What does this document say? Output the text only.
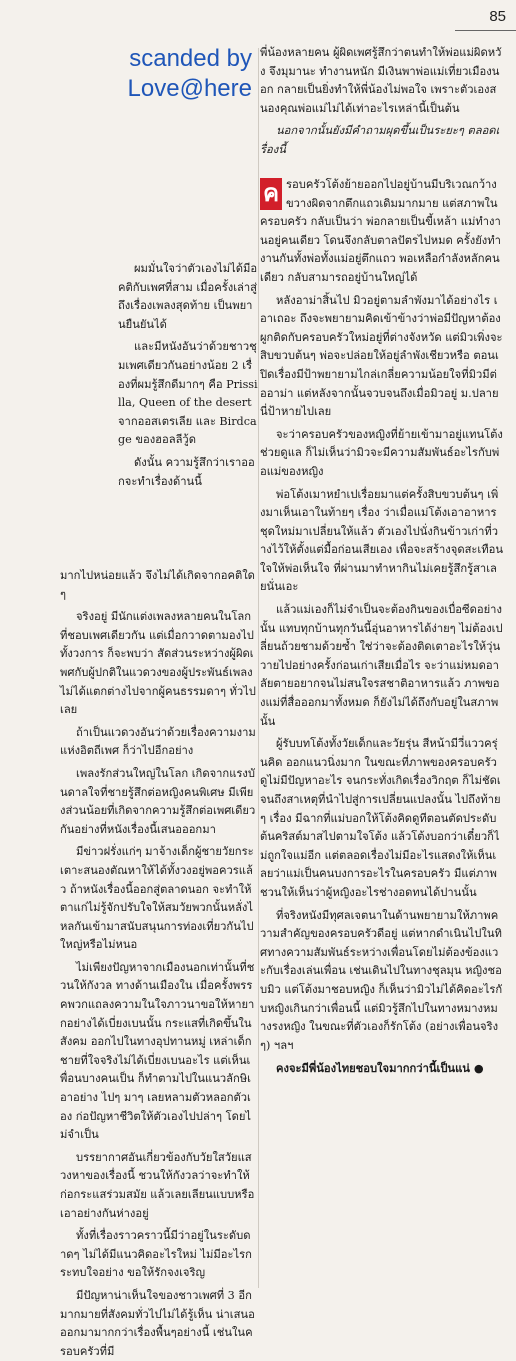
85
scanded by
Love@here

พี่น้องหลายคน ผู้ผิดเพศรู้สึกว่าตนทำให้พ่อแม่ผิดหวัง จึงมุมานะ ทำงานหนัก มีเงินพาพ่อแม่เที่ยวเมืองนอก กลายเป็นยิ่งทำให้พี่น้องไม่พอใจ เพราะตัวเองสนองคุณพ่อแม่ไม่ได้เท่าอะไรเหล่านี้เป็นต้น

นอกจากนั้นยังมีคำถามผุดขึ้นเป็นระยะๆ ตลอดเรื่องนี้

ค รอบครัวโต้งย้ายออกไปอยู่บ้านมีบริเวณกว้างขวางผิดจากตึกแถวเดิมมากมาย แต่สภาพในครอบครัว กลับเป็นว่า พ่อกลายเป็นขี้เหล้า แม่ทำงานอยู่คนเดียว โดนจึงกลับตาลปัตรไปหมด ครั้งยังทำงานกันทั้งพ่อทั้งแม่อยู่ตึกแถว พอเหลือกำลังหลักคนเดียว กลับสามารถอยู่บ้านใหญ่ได้

หลังอาม่าสิ้นไป มิวอยู่ตามลำพังมาได้อย่างไร เอาเถอะ ถึงจะพยายามคิดเข้าข้างว่าพ่อมีปัญหาต้องผูกติดกับครอบครัวใหม่อยู่ที่ต่างจังหวัด แต่มิวเพิ่งจะสิบขวบต้นๆ พ่อจะปล่อยให้อยู่ลำพังเชียวหรือ ตอนเปิดเรื่องมีป้าพยายามไกล่เกลี่ยความน้อยใจที่มิวมีต่ออาม่า แต่หลังจากนั้นจวบจนถึงเมื่อมิวอยู่ ม.ปลายนี่ป้าหายไปเลย

จะว่าครอบครัวของหญิงที่ย้ายเข้ามาอยู่แทนโต้งช่วยดูแล ก็ไม่เห็นว่ามิวจะมีความสัมพันธ์อะไรกับพ่อแม่ของหญิง

พ่อโต้งเมาหยำเปเรื่อยมาแต่ครั้งสิบขวบต้นๆ เพิ่งมาเห็นเอาในท้ายๆ เรื่อง ว่าเมื่อแม่โต้งเอาอาหารชุดใหม่มาเปลี่ยนให้แล้ว ตัวเองไปนั่งกินข้าวเก่าที่วางไว้ให้ตั้งแต่มื้อก่อนเสียเอง เพื่อจะสร้างจุดสะเทือนใจให้พ่อเห็นใจ ที่ผ่านมาทำหากินไม่เคยรู้สึกรู้สาเลยนั่นเอะ

แล้วแม่เองก็ไม่จำเป็นจะต้องกินของเบื่อซีดอย่างนั้น แทบทุกบ้านทุกวันนี้อุ่นอาหารได้ง่ายๆ ไม่ต้องเปลี่ยนถ้วยชามด้วยซ้ำ ใช่ว่าจะต้องติดเตาอะไรให้วุ่นวายไปอย่างครั้งก่อนเก่าเสียเมื่อไร จะว่าแม่หมดอาลัยตายอยากจนไม่สนใจรสชาติอาหารแล้ว ภาพของแม่ที่สื่อออกมาทั้งหมด ก็ยังไม่ได้ถึงกับอยู่ในสภาพนั้น

ผู้รับบทโต้งทั้งวัยเด็กและวัยรุ่น สีหน้ามีวี่แววครุ่นคิด ออกแนวนิ่งมาก ในขณะที่ภาพของครอบครัวดูไม่มีปัญหาอะไร จนกระทั่งเกิดเรื่องวิกฤต ก็ไม่ชัดเจนถึงสาเหตุที่นำไปสู่การเปลี่ยนแปลงนั้น ไปถึงท้ายๆ เรื่อง มีฉากที่แม่บอกให้โต้งคิดดูทีตอนตัดประดับต้นคริสต์มาสไปตามใจโต้ง แล้วโต้งบอกว่าเดี๋ยวก็ไม่ถูกใจแม่อีก แต่ตลอดเรื่องไม่มีอะไรแสดงให้เห็นเลยว่าแม่เป็นคนบงการอะไรในครอบครัว มีแต่ภาพชวนให้เห็นว่าผู้หญิงอะไรช่างอดทนได้ปานนั้น

ที่จริงหนังมีทุศลเจตนาในด้านพยายามให้ภาพความสำคัญของครอบครัวดีอยู่ แต่หากดำเนินไปในทิศทางความสัมพันธ์ระหว่างเพื่อนโดยไม่ต้องข้องแวะกับเรื่องเล่นเพื่อน เช่นเดินไปในทางชุลมุน หญิงชอบมิว แต่โต้งมาชอบหญิง ก็เห็นว่ามิวไม่ได้คิดอะไรกับหญิงเกินกว่าเพื่อนนี้ แต่มิวรู้สึกไปในทางหมางหมางรงหญิง ในขณะที่ตัวเองก็รักโต้ง (อย่างเพื่อนจริงๆ) ฯลฯ

คงจะมีพี่น้องไทยชอบใจมากกว่านี้เป็นแน่ ●

ผมมั่นใจว่าตัวเองไม่ได้มีอคติกับเพศที่สาม เมื่อครั้งเล่าสู่ถึงเรื่องเพลงสุดท้าย เป็นพยานยืนยันได้

และมีหนังอันว่าด้วยชาวชุมเพศเดียวกันอย่างน้อย 2 เรื่องที่ผมรู้สึกดีมากๆ คือ Prissilla, Queen of the desert จากออสเตรเลีย และ Birdcage ของฮอลลีวู้ด

ดังนั้น ความรู้สึกว่าเราออกจะทำเรื่องด้านนี้

มากไปหน่อยแล้ว จึงไม่ได้เกิดจากอคติใดๆ

จริงอยู่ มีนักแต่งเพลงหลายคนในโลกที่ชอบเพศเดียวกัน แต่เมื่อกวาดตามองไปทั้งวงการ ก็จะพบว่า สัดส่วนระหว่างผู้ผิดเพศกับผู้ปกติในแวดวงของผู้ประพันธ์เพลง ไม่ได้แตกต่างไปจากผู้คนธรรมดาๆ ทั่วไปเลย

ถ้าเป็นแวดวงอันว่าด้วยเรื่องความงามแห่งอิตถีเพศ ก็ว่าไปอีกอย่าง

เพลงรักส่วนใหญ่ในโลก เกิดจากแรงบันดาลใจที่ชายรู้สึกต่อหญิงคนพิเศษ มีเพียงส่วนน้อยที่เกิดจากความรู้สึกต่อเพศเดียวกันอย่างที่หนังเรื่องนี้เสนอออกมา

มีข่าวฝรั่งแก่ๆ มาจ้างเด็กผู้ชายวัยกระเตาะสนองตัณหาให้ได้ทั้งวงอยู่พอควรแล้ว ถ้าหนังเรื่องนี้ออกสู่ตลาดนอก จะทำให้ตาแก่ไม่รู้จักปรับใจให้สมวัยพวกนั้นหลั่งไหลกันเข้ามาสนับสนุนการท่องเที่ยวกันไปใหญ่หรือไม่หนอ

ไม่เพียงปัญหาจากเมืองนอกเท่านั้นที่ชวนให้กังวล ทางด้านเมืองใน เมื่อครั้งพรรคพวกแถลงความในใจภาวนาขอให้หายากอย่างได้เบี่ยงเบนนั้น กระแสที่เกิดขึ้นในสังคม ออกไปในทางอุปทานหมู่ เหล่าเด็กชายที่ใจจริงไม่ได้เบี่ยงเบนอะไร แต่เห็นเพื่อนบางคนเป็น ก็ทำตามไปในแนวลักษิเอาอย่าง ไปๆ มาๆ เลยหลามตัวหลอกตัวเอง ก่อปัญหาชีวิตให้ตัวเองไปปล่าๆ โดยไม่จำเป็น

บรรยากาศอันเกี่ยวข้องกับวัยใสวัยแสวงหาของเรื่องนี้ ชวนให้กังวลว่าจะทำให้ก่อกระแสร่วมสมัย แล้วเลยเลียนแบบหรือเอาอย่างกันห่างอยู่

ทั้งที่เรื่องราวคราวนี้มีว่าอยู่ในระดับดาดๆ ไม่ได้มีแนวคิดอะไรใหม่ ไม่มีอะไรกระทบใจอย่าง ขอให้รักจงเจริญ

มีปัญหาน่าเห็นใจของชาวเพศที่ 3 อีกมากมายที่สังคมทั่วไปไม่ได้รู้เห็น น่าเสนอออกมามากกว่าเรื่องพื้นๆอย่างนี้ เช่นในครอบครัวที่มี
